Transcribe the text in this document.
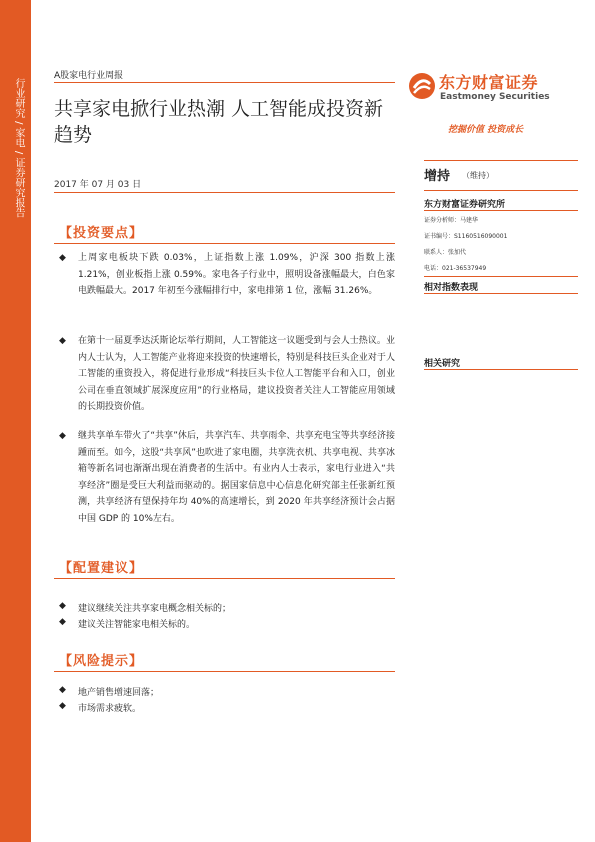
行业研究 / 家电 / 证券研究报告
A股家电行业周报
共享家电掀行业热潮 人工智能成投资新趋势
东方财富证券
Eastmoney Securities
挖掘价值 投资成长
2017 年 07 月 03 日
增持 （维持）
东方财富证券研究所
证券分析师：马建华
证书编号：S1160516090001
联系人：张加代
电话：021-36537949
相对指数表现
相关研究
【投资要点】
◆ 上周家电板块下跌 0.03%，上证指数上涨 1.09%，沪深 300 指数上涨 1.21%，创业板指上涨 0.59%。家电各子行业中，照明设备涨幅最大，白色家电跌幅最大。2017 年初至今涨幅排行中，家电排第 1 位，涨幅 31.26%。
◆ 在第十一届夏季达沃斯论坛举行期间，人工智能这一议题受到与会人士热议。业内人士认为，人工智能产业将迎来投资的快速增长，特别是科技巨头企业对于人工智能的重资投入，将促进行业形成“科技巨头卡位人工智能平台和入口，创业公司在垂直领域扩展深度应用”的行业格局，建议投资者关注人工智能应用领域的长期投资价值。
◆ 继共享单车带火了“共享”休后，共享汽车、共享雨伞、共享充电宝等共享经济接踵而至。如今，这股“共享风”也吹进了家电圈，共享洗衣机、共享电视、共享冰箱等新名词也渐渐出现在消费者的生活中。有业内人士表示，家电行业进入“共享经济”圈是受巨大利益而驱动的。据国家信息中心信息化研究部主任张新红预测，共享经济有望保持年均 40%的高速增长，到 2020 年共享经济预计会占据中国 GDP 的 10%左右。
【配置建议】
◆ 建议继续关注共享家电概念相关标的；
◆ 建议关注智能家电相关标的。
【风险提示】
◆ 地产销售增速回落；
◆ 市场需求疲软。
